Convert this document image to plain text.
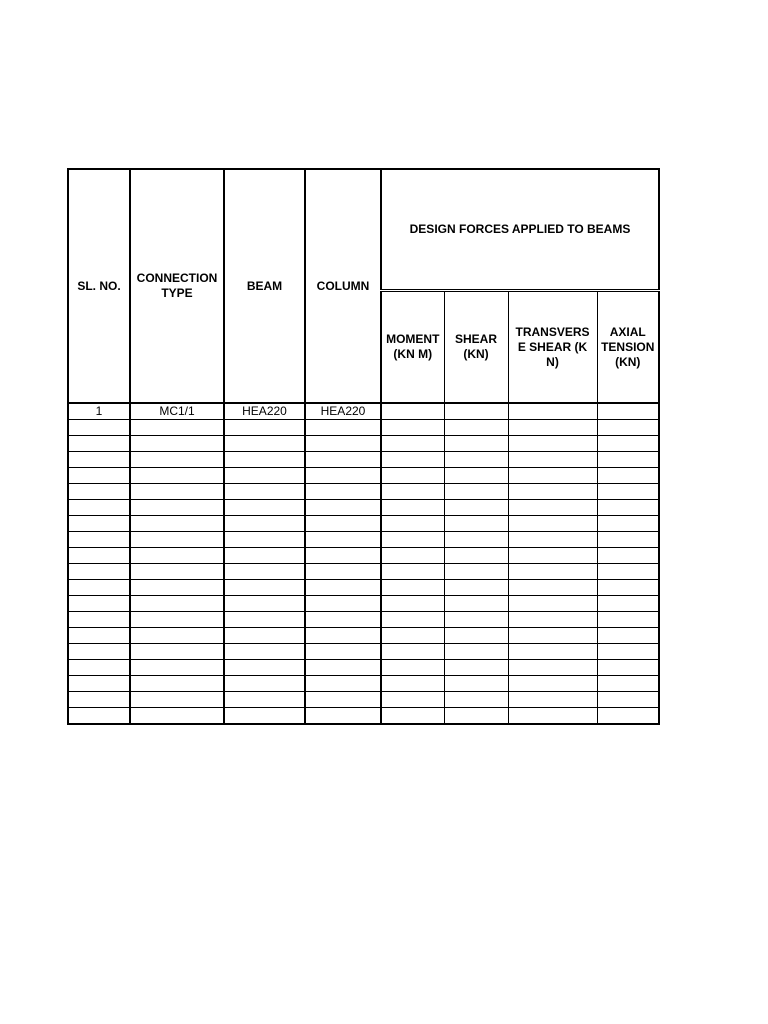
SL. NO.	CONNECTION TYPE	BEAM	COLUMN	DESIGN FORCES APPLIED TO BEAMS			

				MOMENT (KN M)	SHEAR (KN)	TRANSVERSE SHEAR (KN)	AXIAL TENSION (KN)

1	MC1/1	HEA220	HEA220				
